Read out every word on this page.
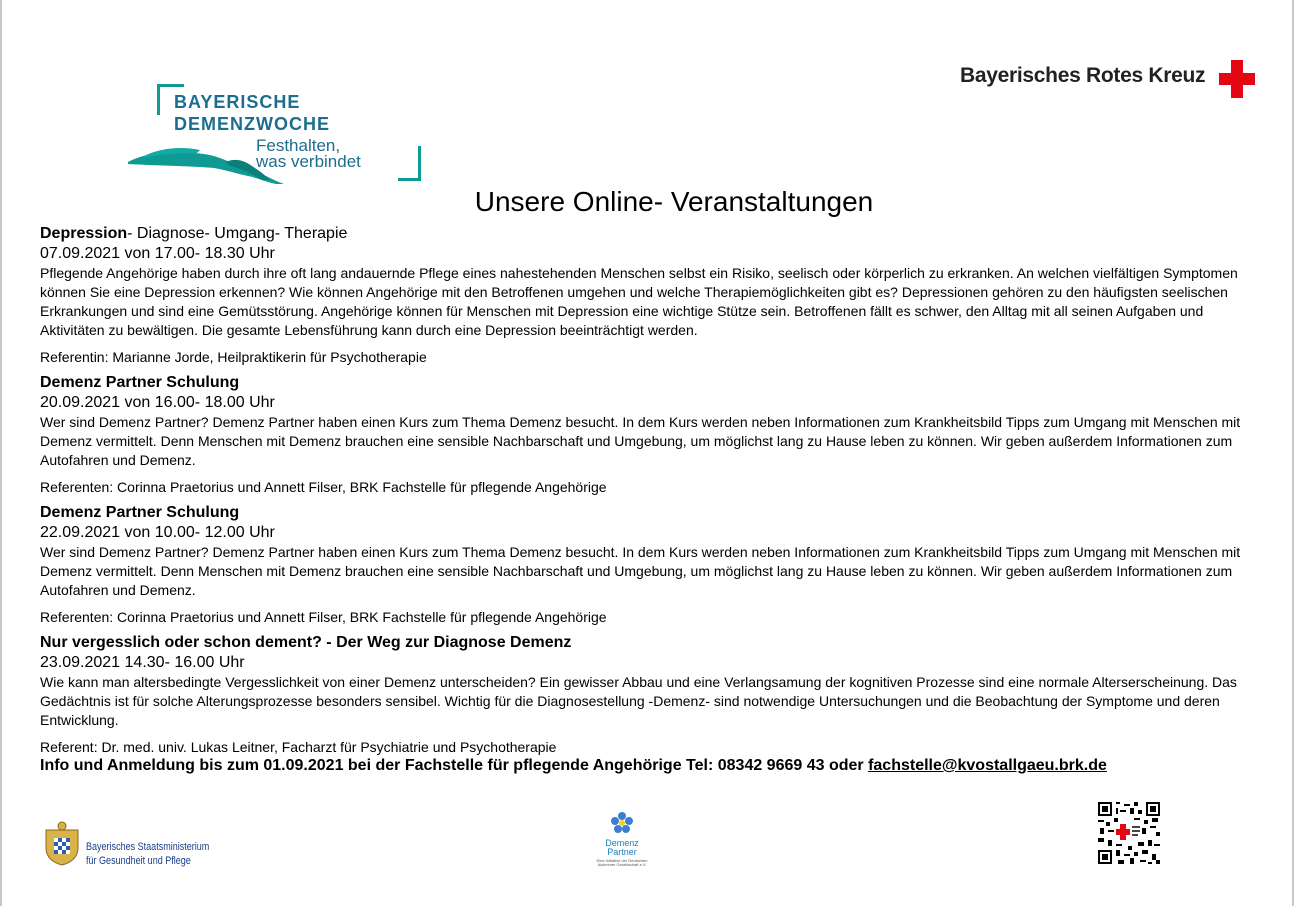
BAYERISCHE
DEMENZWOCHE
Festhalten,
was verbindet
Bayerisches Rotes Kreuz
Unsere Online- Veranstaltungen
Depression- Diagnose- Umgang- Therapie
07.09.2021 von 17.00- 18.30 Uhr

Pflegende Angehörige haben durch ihre oft lang andauernde Pflege eines nahestehenden Menschen selbst ein Risiko, seelisch oder körperlich zu erkranken. An welchen vielfältigen Symptomen können Sie eine Depression erkennen? Wie können Angehörige mit den Betroffenen umgehen und welche Therapiemöglichkeiten gibt es? Depressionen gehören zu den häufigsten seelischen Erkrankungen und sind eine Gemütsstörung. Angehörige können für Menschen mit Depression eine wichtige Stütze sein. Betroffenen fällt es schwer, den Alltag mit all seinen Aufgaben und Aktivitäten zu bewältigen. Die gesamte Lebensführung kann durch eine Depression beeinträchtigt werden.

Referentin: Marianne Jorde, Heilpraktikerin für Psychotherapie
Demenz Partner Schulung
20.09.2021 von 16.00- 18.00 Uhr

Wer sind Demenz Partner? Demenz Partner haben einen Kurs zum Thema Demenz besucht. In dem Kurs werden neben Informationen zum Krankheitsbild Tipps zum Umgang mit Menschen mit Demenz vermittelt. Denn Menschen mit Demenz brauchen eine sensible Nachbarschaft und Umgebung, um möglichst lang zu Hause leben zu können. Wir geben außerdem Informationen zum Autofahren und Demenz.

Referenten: Corinna Praetorius und Annett Filser, BRK Fachstelle für pflegende Angehörige
Demenz Partner Schulung
22.09.2021 von 10.00- 12.00 Uhr

Wer sind Demenz Partner? Demenz Partner haben einen Kurs zum Thema Demenz besucht. In dem Kurs werden neben Informationen zum Krankheitsbild Tipps zum Umgang mit Menschen mit Demenz vermittelt. Denn Menschen mit Demenz brauchen eine sensible Nachbarschaft und Umgebung, um möglichst lang zu Hause leben zu können. Wir geben außerdem Informationen zum Autofahren und Demenz.

Referenten: Corinna Praetorius und Annett Filser, BRK Fachstelle für pflegende Angehörige
Nur vergesslich oder schon dement? - Der Weg zur Diagnose Demenz
23.09.2021 14.30- 16.00 Uhr

Wie kann man altersbedingte Vergesslichkeit von einer Demenz unterscheiden? Ein gewisser Abbau und eine Verlangsamung der kognitiven Prozesse sind eine normale Alterserscheinung. Das Gedächtnis ist für solche Alterungsprozesse besonders sensibel. Wichtig für die Diagnosestellung -Demenz- sind notwendige Untersuchungen und die Beobachtung der Symptome und deren Entwicklung.

Referent: Dr. med. univ. Lukas Leitner, Facharzt für Psychiatrie und Psychotherapie
Info und Anmeldung bis zum 01.09.2021 bei der Fachstelle für pflegende Angehörige Tel: 08342 9669 43 oder fachstelle@kvostallgaeu.brk.de
Bayerisches Staatsministerium
für Gesundheit und Pflege
Demenz
Partner
Eine Initiative der Deutschen Alzheimer Gesellschaft e.V.
